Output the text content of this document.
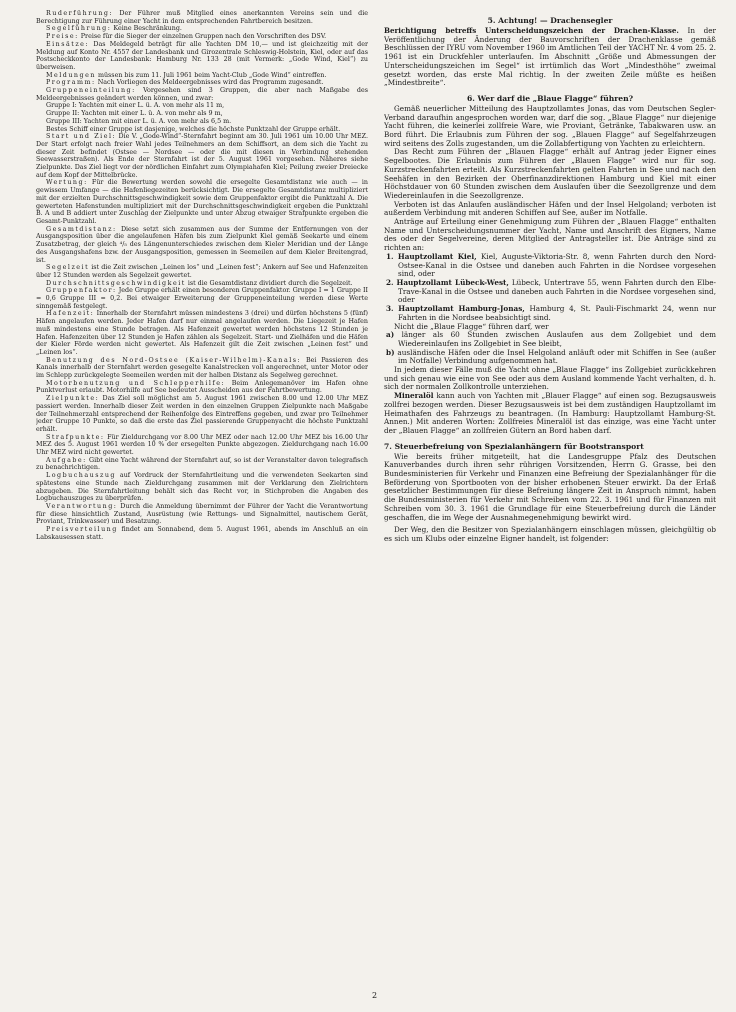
Ruderführung: Der Führer muß Mitglied eines anerkannten Vereins sein und die Berechtigung zur Führung einer Yacht in dem entsprechenden Fahrtbereich besitzen.

Segelführung: Keine Beschränkung.

Preise: Preise für die Sieger der einzelnen Gruppen nach den Vorschriften des DSV.

Einsätze: Das Meldegeld beträgt für alle Yachten DM 10,— und ist gleichzeitig mit der Meldung auf Konto Nr. 4557 der Landesbank und Girozentrale Schleswig-Holstein, Kiel, oder auf das Postscheckkonto der Landesbank: Hamburg Nr. 133 28 (mit Vermerk: „Gode Wind, Kiel“) zu überweisen.

Meldungen müssen bis zum 11. Juli 1961 beim Yacht-Club „Gode Wind“ eintreffen.

Programm: Nach Vorliegen des Meldeergebnisses wird das Programm zugesandt.

Gruppeneinteilung: Vorgesehen sind 3 Gruppen, die aber nach Maßgabe des Meldeergebnisses geändert werden können, und zwar:

Gruppe I: Yachten mit einer L. ü. A. von mehr als 11 m,

Gruppe II: Yachten mit einer L. ü. A. von mehr als 9 m,

Gruppe III: Yachten mit einer L. ü. A. von mehr als 6,5 m.

Bestes Schiff einer Gruppe ist dasjenige, welches die höchste Punktzahl der Gruppe erhält.

Start und Ziel: Die V. „Gode-Wind“-Sternfahrt beginnt am 30. Juli 1961 um 10.00 Uhr MEZ. Der Start erfolgt nach freier Wahl jedes Teilnehmers an dem Schiffsort, an dem sich die Yacht zu dieser Zeit befindet (Ostsee — Nordsee — oder die mit diesen in Verbindung stehenden Seewasserstraßen). Als Ende der Sternfahrt ist der 5. August 1961 vorgesehen. Näheres siehe Zielpunkte. Das Ziel liegt vor der nördlichen Einfahrt zum Olympiahafen Kiel; Peilung zweier Dreiecke auf dem Kopf der Mittelbrücke.

Wertung: Für die Bewertung werden sowohl die ersegelte Gesamtdistanz wie auch — in gewissem Umfange — die Hafenliegezeiten berücksichtigt. Die ersegelte Gesamtdistanz multipliziert mit der erzielten Durchschnittsgeschwindigkeit sowie dem Gruppenfaktor ergibt die Punktzahl A. Die gewerteten Hafenstunden multipliziert mit der Durchschnittsgeschwindigkeit ergeben die Punktzahl B. A und B addiert unter Zuschlag der Zielpunkte und unter Abzug etwaiger Strafpunkte ergeben die Gesamt-Punktzahl.

Gesamtdistanz: Diese setzt sich zusammen aus der Summe der Entfernungen von der Ausgangsposition über die angelaufenen Häfen bis zum Zielpunkt Kiel gemäß Seekarte und einem Zusatzbetrag, der gleich ⁴/₅ des Längenunterschiedes zwischen dem Kieler Meridian und der Länge des Ausgangshafens bzw. der Ausgangsposition, gemessen in Seemeilen auf dem Kieler Breitengrad, ist.

Segelzeit ist die Zeit zwischen „Leinen los“ und „Leinen fest“; Ankern auf See und Hafenzeiten über 12 Stunden werden als Segelzeit gewertet.

Durchschnittsgeschwindigkeit ist die Gesamtdistanz dividiert durch die Segelzeit.

Gruppenfaktor: Jede Gruppe erhält einen besonderen Gruppenfaktor. Gruppe I = 1 Gruppe II = 0,6 Gruppe III = 0,2. Bei etwaiger Erweiterung der Gruppeneinteilung werden diese Werte sinngemäß festgelegt.

Hafenzeit: Innerhalb der Sternfahrt müssen mindestens 3 (drei) und dürfen höchstens 5 (fünf) Häfen angelaufen werden. Jeder Hafen darf nur einmal angelaufen werden. Die Liegezeit je Hafen muß mindestens eine Stunde betragen. Als Hafenzeit gewertet werden höchstens 12 Stunden je Hafen. Hafenzeiten über 12 Stunden je Hafen zählen als Segelzeit. Start- und Zielhäfen und die Häfen der Kieler Förde werden nicht gewertet. Als Hafenzeit gilt die Zeit zwischen „Leinen fest“ und „Leinen los“.

Benutzung des Nord-Ostsee (Kaiser-Wilhelm)-Kanals: Bei Passieren des Kanals innerhalb der Sternfahrt werden gesegelte Kanalstrecken voll angerechnet, unter Motor oder im Schlepp zurückgelegte Seemeilen werden mit der halben Distanz als Segelweg gerechnet.

Motorbenutzung und Schlepperhilfe: Beim Anlegemanöver im Hafen ohne Punktverlust erlaubt. Motorhilfe auf See bedeutet Ausscheiden aus der Fahrtbewertung.

Zielpunkte: Das Ziel soll möglichst am 5. August 1961 zwischen 8.00 und 12.00 Uhr MEZ passiert werden. Innerhalb dieser Zeit werden in den einzelnen Gruppen Zielpunkte nach Maßgabe der Teilnehmerzahl entsprechend der Reihenfolge des Eintreffens gegeben, und zwar pro Teilnehmer jeder Gruppe 10 Punkte, so daß die erste das Ziel passierende Gruppenyacht die höchste Punktzahl erhält.

Strafpunkte: Für Zieldurchgang vor 8.00 Uhr MEZ oder nach 12.00 Uhr MEZ bis 16.00 Uhr MEZ des 5. August 1961 werden 10 % der ersegelten Punkte abgezogen. Zieldurchgang nach 16.00 Uhr MEZ wird nicht gewertet.

Aufgabe: Gibt eine Yacht während der Sternfahrt auf, so ist der Veranstalter davon telegrafisch zu benachrichtigen.

Logbuchauszug auf Vordruck der Sternfahrtleitung und die verwendeten Seekarten sind spätestens eine Stunde nach Zieldurchgang zusammen mit der Verklarung den Zielrichtern abzugeben. Die Sternfahrtleitung behält sich das Recht vor, in Stichproben die Angaben des Logbuchauszuges zu überprüfen.

Verantwortung: Durch die Anmeldung übernimmt der Führer der Yacht die Verantwortung für diese hinsichtlich Zustand, Ausrüstung (wie Rettungs- und Signalmittel, nautischem Gerät, Proviant, Trinkwasser) und Besatzung.

Preisverteilung findet am Sonnabend, dem 5. August 1961, abends im Anschluß an ein Labskausessen statt.

5. Achtung! — Drachensegler

Berichtigung betreffs Unterscheidungszeichen der Drachen-Klasse. In der Veröffentlichung der Änderung der Bauvorschriften der Drachenklasse gemäß Beschlüssen der IYRU vom November 1960 im Amtlichen Teil der YACHT Nr. 4 vom 25. 2. 1961 ist ein Druckfehler unterlaufen. Im Abschnitt „Größe und Abmessungen der Unterscheidungszeichen im Segel“ ist irrtümlich das Wort „Mindesthöhe“ zweimal gesetzt worden, das erste Mal richtig. In der zweiten Zeile müßte es heißen „Mindestbreite“.

6. Wer darf die „Blaue Flagge“ führen?

Gemäß neuerlicher Mitteilung des Hauptzollamtes Jonas, das vom Deutschen Segler-Verband daraufhin angesprochen worden war, darf die sog. „Blaue Flagge“ nur diejenige Yacht führen, die keinerlei zollfreie Ware, wie Proviant, Getränke, Tabakwaren usw. an Bord führt. Die Erlaubnis zum Führen der sog. „Blauen Flagge“ auf Segelfahrzeugen wird seitens des Zolls zugestanden, um die Zollabfertigung von Yachten zu erleichtern.

Das Recht zum Führen der „Blauen Flagge“ erhält auf Antrag jeder Eigner eines Segelbootes. Die Erlaubnis zum Führen der „Blauen Flagge“ wird nur für sog. Kurzstreckenfahrten erteilt. Als Kurzstreckenfahrten gelten Fahrten in See und nach den Seehäfen in den Bezirken der Oberfinanzdirektionen Hamburg und Kiel mit einer Höchstdauer von 60 Stunden zwischen dem Auslaufen über die Seezollgrenze und dem Wiedereinlaufen in die Seezollgrenze.

Verboten ist das Anlaufen ausländischer Häfen und der Insel Helgoland; verboten ist außerdem Verbindung mit anderen Schiffen auf See, außer im Notfalle.

Anträge auf Erteilung einer Genehmigung zum Führen der „Blauen Flagge“ enthalten Name und Unterscheidungsnummer der Yacht, Name und Anschrift des Eigners, Name des oder der Segelvereine, deren Mitglied der Antragsteller ist. Die Anträge sind zu richten an:

1. Hauptzollamt Kiel, Kiel, Auguste-Viktoria-Str. 8, wenn Fahrten durch den Nord-Ostsee-Kanal in die Ostsee und daneben auch Fahrten in die Nordsee vorgesehen sind, oder

2. Hauptzollamt Lübeck-West, Lübeck, Untertrave 55, wenn Fahrten durch den Elbe-Trave-Kanal in die Ostsee und daneben auch Fahrten in die Nordsee vorgesehen sind, oder

3. Hauptzollamt Hamburg-Jonas, Hamburg 4, St. Pauli-Fischmarkt 24, wenn nur Fahrten in die Nordsee beabsichtigt sind.

Nicht die „Blaue Flagge“ führen darf, wer

a) länger als 60 Stunden zwischen Auslaufen aus dem Zollgebiet und dem Wiedereinlaufen ins Zollgebiet in See bleibt,

b) ausländische Häfen oder die Insel Helgoland anläuft oder mit Schiffen in See (außer im Notfalle) Verbindung aufgenommen hat.

In jedem dieser Fälle muß die Yacht ohne „Blaue Flagge“ ins Zollgebiet zurückkehren und sich genau wie eine von See oder aus dem Ausland kommende Yacht verhalten, d. h. sich der normalen Zollkontrolle unterziehen.

Mineralöl kann auch von Yachten mit „Blauer Flagge“ auf einen sog. Bezugsausweis zollfrei bezogen werden. Dieser Bezugsausweis ist bei dem zuständigen Hauptzollamt im Heimathafen des Fahrzeugs zu beantragen. (In Hamburg: Hauptzollamt Hamburg-St. Annen.) Mit anderen Worten: Zollfreies Mineralöl ist das einzige, was eine Yacht unter der „Blauen Flagge“ an zollfreien Gütern an Bord haben darf.

7. Steuerbefreiung von Spezialanhängern für Bootstransport

Wie bereits früher mitgeteilt, hat die Landesgruppe Pfalz des Deutschen Kanuverbandes durch ihren sehr rührigen Vorsitzenden, Herrn G. Grasse, bei den Bundesministerien für Verkehr und Finanzen eine Befreiung der Spezialanhänger für die Beförderung von Sportbooten von der bisher erhobenen Steuer erwirkt. Da der Erlaß gesetzlicher Bestimmungen für diese Befreiung längere Zeit in Anspruch nimmt, haben die Bundesministerien für Verkehr mit Schreiben vom 22. 3. 1961 und für Finanzen mit Schreiben vom 30. 3. 1961 die Grundlage für eine Steuerbefreiung durch die Länder geschaffen, die im Wege der Ausnahmegenehmigung bewirkt wird.

Der Weg, den die Besitzer von Spezialanhängern einschlagen müssen, gleichgültig ob es sich um Klubs oder einzelne Eigner handelt, ist folgender:

2
